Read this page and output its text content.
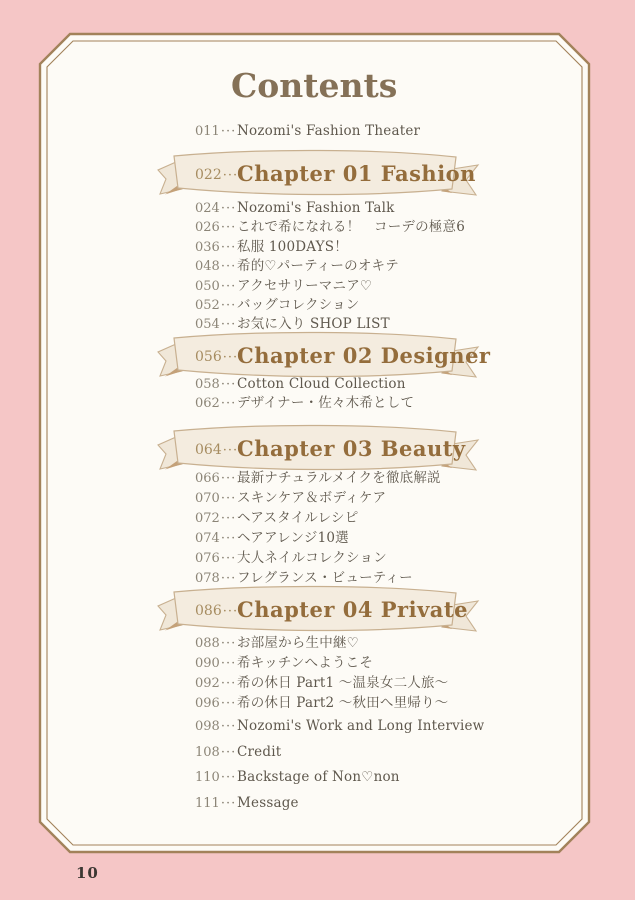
Contents
011···Nozomi's Fashion Theater
022···
Chapter 01 Fashion
024···Nozomi's Fashion Talk
026···これで希になれる！　コーデの極意6
036···私服 100DAYS！
048···希的♡パーティーのオキテ
050···アクセサリーマニア♡
052···バッグコレクション
054···お気に入り SHOP LIST
056···
Chapter 02 Designer
058···Cotton Cloud Collection
062···デザイナー・佐々木希として
064···
Chapter 03 Beauty
066···最新ナチュラルメイクを徹底解説
070···スキンケア＆ボディケア
072···ヘアスタイルレシピ
074···ヘアアレンジ10選
076···大人ネイルコレクション
078···フレグランス・ビューティー
086···
Chapter 04 Private
088···お部屋から生中継♡
090···希キッチンへようこそ
092···希の休日 Part1 ～温泉女二人旅～
096···希の休日 Part2 ～秋田へ里帰り～
098···Nozomi's Work and Long Interview
108···Credit
110···Backstage of Non♡non
111···Message
10
